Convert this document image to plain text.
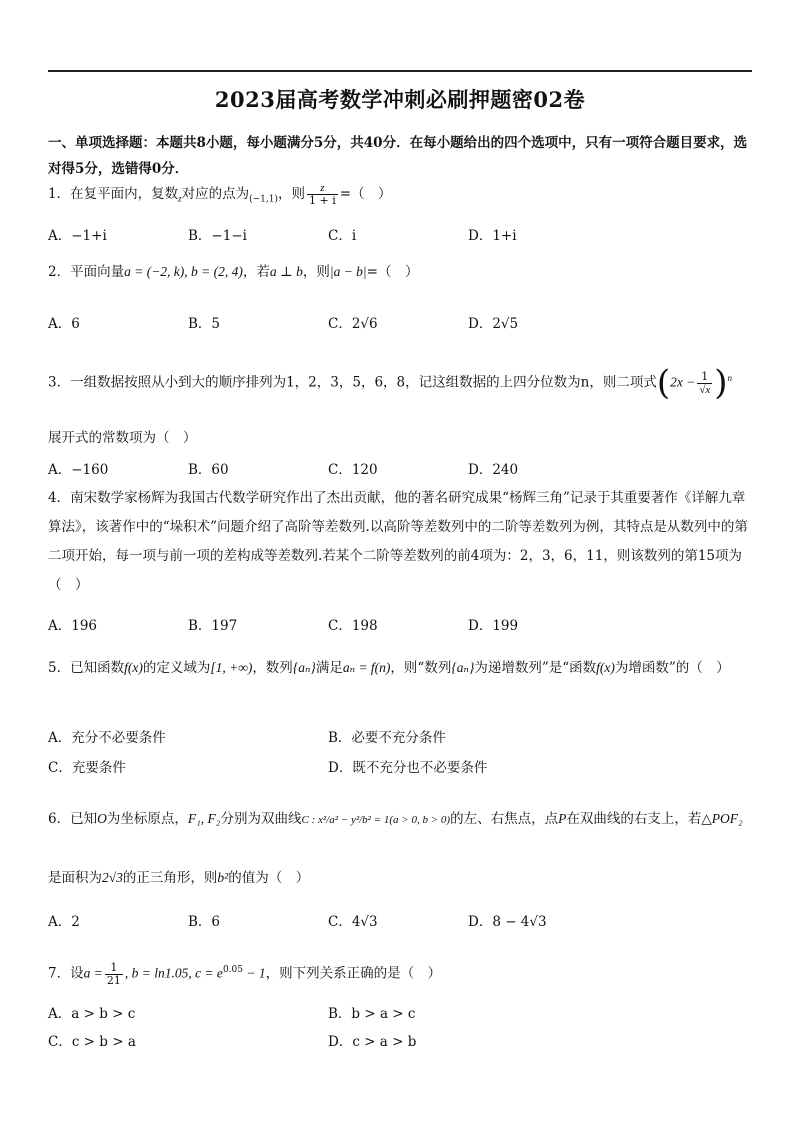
2023届高考数学冲刺必刷押题密02卷
一、单项选择题：本题共8小题，每小题满分5分，共40分．在每小题给出的四个选项中，只有一项符合题目要求，选对得5分，选错得0分．
1．在复平面内，复数$_z$对应的点为$_{(-1,1)}$，则 $\frac{z}{1 + i}$ =（　）
A．−1+i	B．−1−i	C．i	D．1+i
2．平面向量a = (−2, k), b = (2, 4)，若a ⊥ b，则|a − b|=（　）
A．6	B．5	C．2√6	D．2√5
3．一组数据按照从小到大的顺序排列为1，2，3，5，6，8，记这组数据的上四分位数为n，则二项式$(2x - \frac{1}{√x} )^n$
展开式的常数项为（　）
A．−160	B．60	C．120	D．240
4．南宋数学家杨辉为我国古代数学研究作出了杰出贡献，他的著名研究成果“杨辉三角”记录于其重要著作《详解九章算法》，该著作中的“垛积术”问题介绍了高阶等差数列.以高阶等差数列中的二阶等差数列为例，其特点是从数列中的第二项开始，每一项与前一项的差构成等差数列.若某个二阶等差数列的前4项为：2，3，6，11，则该数列的第15项为（　）
A．196	B．197	C．198	D．199
5．已知函数f(x)的定义域为[1, +∞)，数列{aₙ}满足aₙ = f(n)，则“数列{aₙ}为递增数列”是“函数f(x)为增函数”的（　）
A．充分不必要条件	B．必要不充分条件
C．充要条件	D．既不充分也不必要条件
6．已知O为坐标原点，F₁, F₂分别为双曲线C : x²/a² − y²/b² = 1(a > 0, b > 0)的左、右焦点，点P在双曲线的右支上，若△POF₂是面积为2√3的正三角形，则b²的值为（　）
A．2	B．6	C．4√3	D．8 − 4√3
7．设$a = \frac{1}{21}$ , b = ln1.05, $c = e^{0.05} - 1$，则下列关系正确的是（　）
A．a > b > c	B．b > a > c
C．c > b > a	D．c > a > b
